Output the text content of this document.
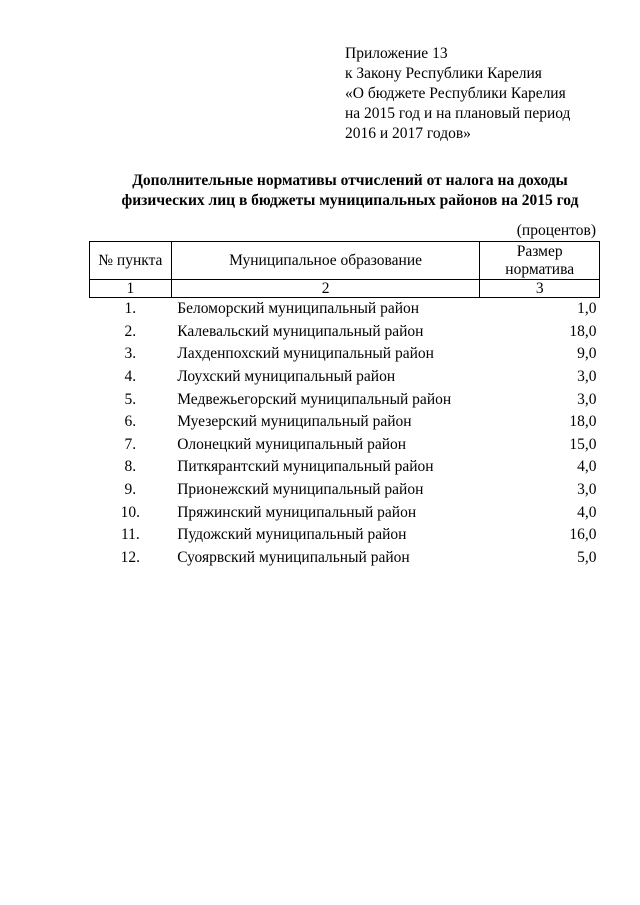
Приложение 13
к Закону Республики Карелия
«О бюджете Республики Карелия
на 2015 год и на плановый период
2016 и 2017 годов»
Дополнительные нормативы отчислений от налога на доходы
физических лиц в бюджеты муниципальных районов на 2015 год
(процентов)
№ пункта	Муниципальное образование	Размер
норматива

1	2	3
1.	Беломорский муниципальный район	1,0
2.	Калевальский муниципальный район	18,0
3.	Лахденпохский муниципальный район	9,0
4.	Лоухский муниципальный район	3,0
5.	Медвежьегорский муниципальный район	3,0
6.	Муезерский муниципальный район	18,0
7.	Олонецкий муниципальный район	15,0
8.	Питкярантский муниципальный район	4,0
9.	Прионежский муниципальный район	3,0
10.	Пряжинский муниципальный район	4,0
11.	Пудожский муниципальный район	16,0
12.	Суоярвский муниципальный район	5,0
